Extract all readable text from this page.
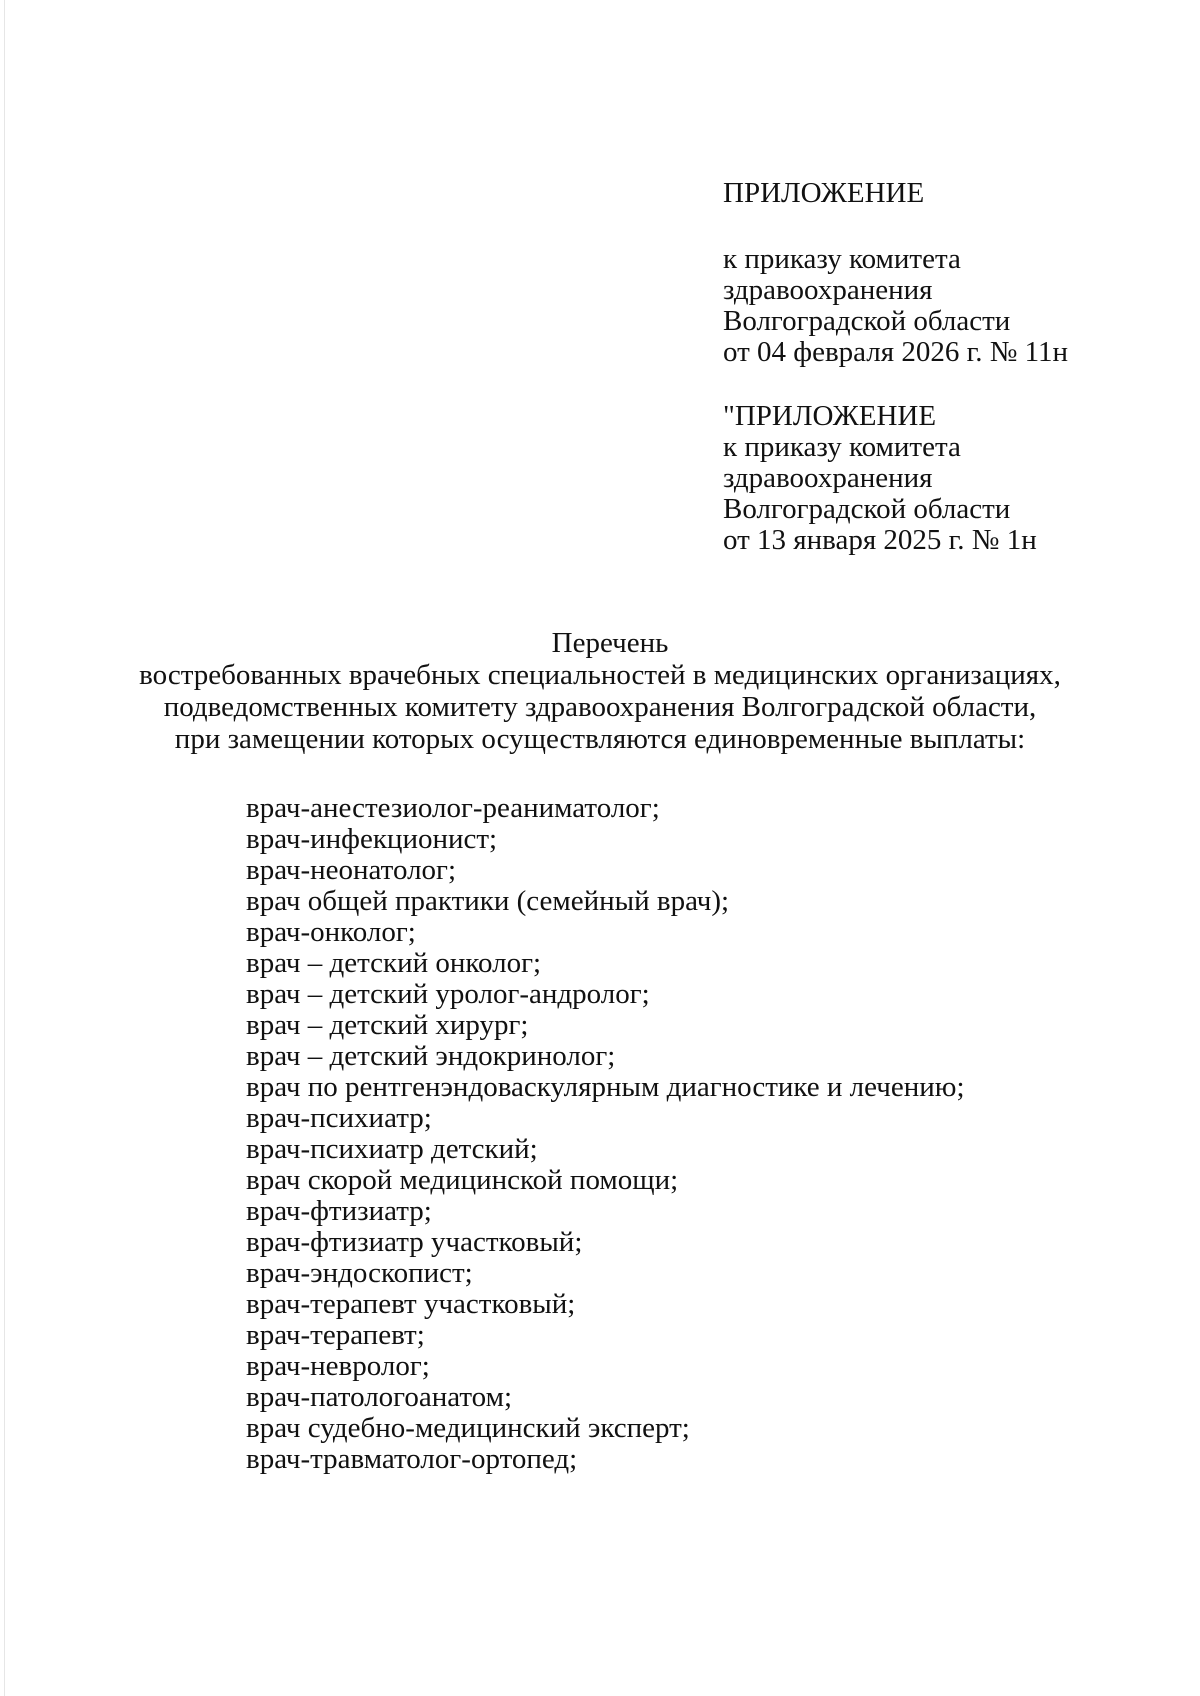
ПРИЛОЖЕНИЕ
к приказу комитета
здравоохранения
Волгоградской области
от 04 февраля 2026 г. № 11н
"ПРИЛОЖЕНИЕ
к приказу комитета
здравоохранения
Волгоградской области
от 13 января 2025 г. № 1н
Перечень
востребованных врачебных специальностей в медицинских организациях,
подведомственных комитету здравоохранения Волгоградской области,
при замещении которых осуществляются единовременные выплаты:
врач-анестезиолог-реаниматолог;
врач-инфекционист;
врач-неонатолог;
врач общей практики (семейный врач);
врач-онколог;
врач – детский онколог;
врач – детский уролог-андролог;
врач – детский хирург;
врач – детский эндокринолог;
врач по рентгенэндоваскулярным диагностике и лечению;
врач-психиатр;
врач-психиатр детский;
врач скорой медицинской помощи;
врач-фтизиатр;
врач-фтизиатр участковый;
врач-эндоскопист;
врач-терапевт участковый;
врач-терапевт;
врач-невролог;
врач-патологоанатом;
врач судебно-медицинский эксперт;
врач-травматолог-ортопед;
